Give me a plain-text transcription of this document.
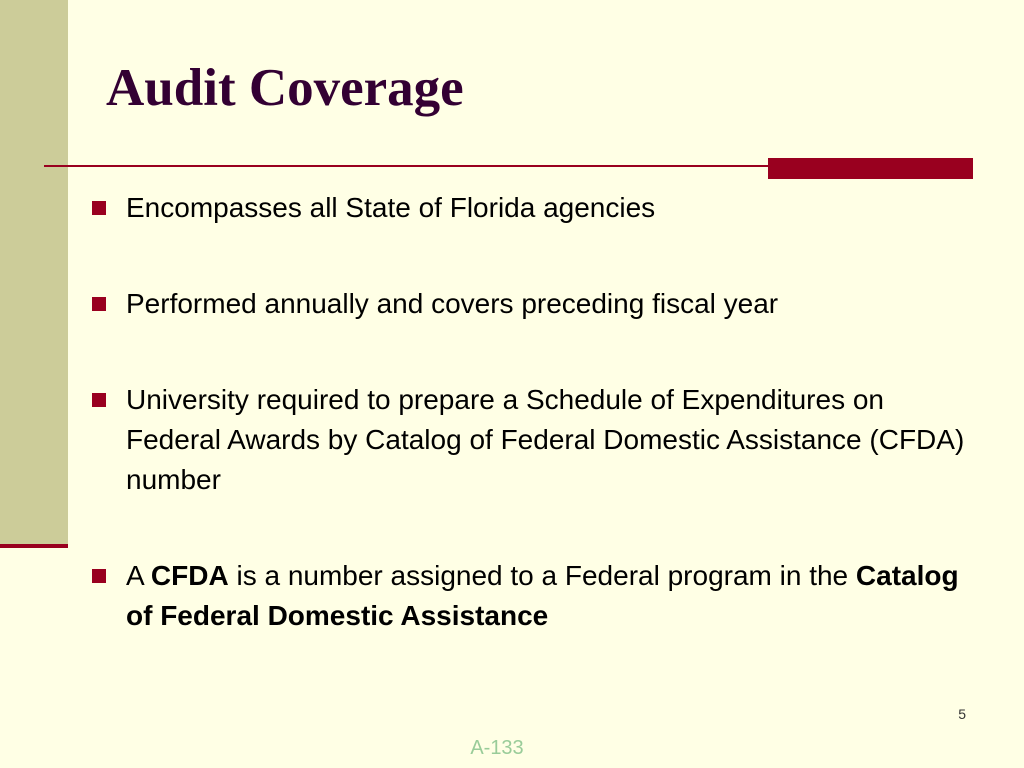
Audit Coverage
Encompasses all State of Florida agencies
Performed annually and covers preceding fiscal year
University required to prepare a Schedule of Expenditures on Federal Awards by Catalog of Federal Domestic Assistance (CFDA) number
A CFDA is a number assigned to a Federal program in the Catalog of Federal Domestic Assistance
5
A-133
